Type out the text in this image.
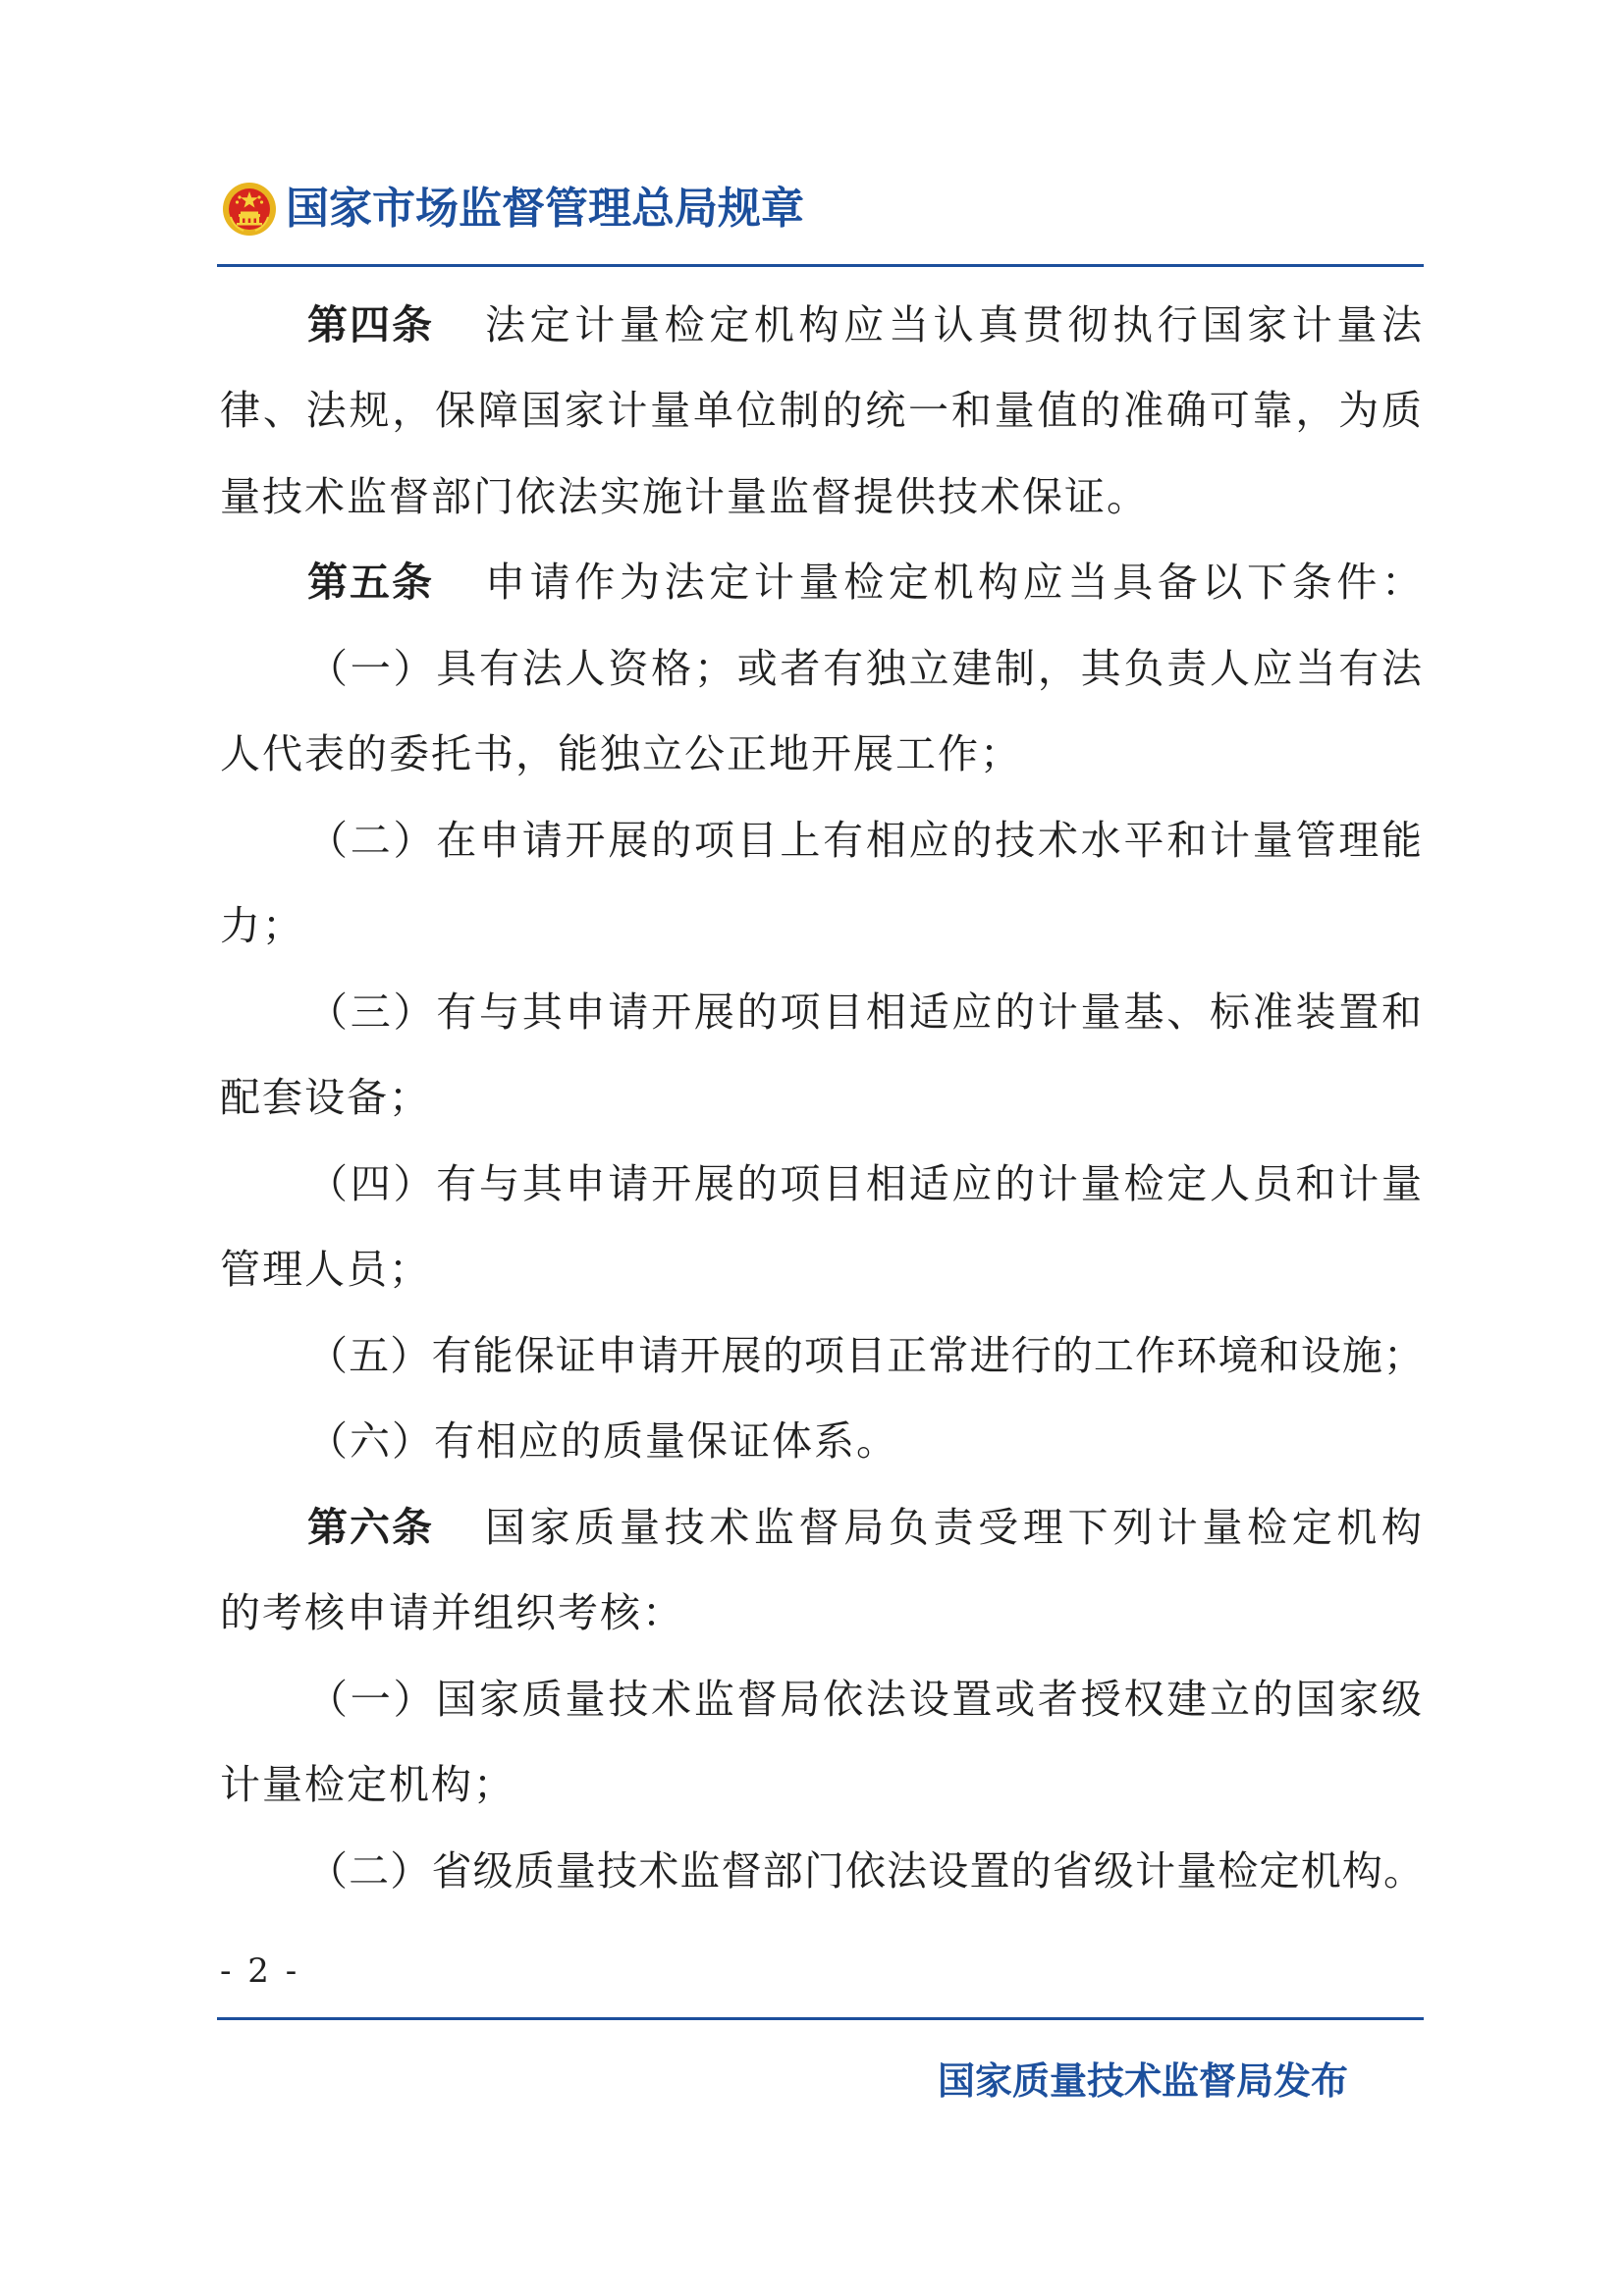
国家市场监督管理总局规章
第四条 法定计量检定机构应当认真贯彻执行国家计量法
律、法规，保障国家计量单位制的统一和量值的准确可靠，为质
量技术监督部门依法实施计量监督提供技术保证。
第五条 申请作为法定计量检定机构应当具备以下条件：
（一）具有法人资格；或者有独立建制，其负责人应当有法
人代表的委托书，能独立公正地开展工作；
（二）在申请开展的项目上有相应的技术水平和计量管理能
力；
（三）有与其申请开展的项目相适应的计量基、标准装置和
配套设备；
（四）有与其申请开展的项目相适应的计量检定人员和计量
管理人员；
（五）有能保证申请开展的项目正常进行的工作环境和设施；
（六）有相应的质量保证体系。
第六条 国家质量技术监督局负责受理下列计量检定机构
的考核申请并组织考核：
（一）国家质量技术监督局依法设置或者授权建立的国家级
计量检定机构；
（二）省级质量技术监督部门依法设置的省级计量检定机构。
- 2 -
国家质量技术监督局发布
